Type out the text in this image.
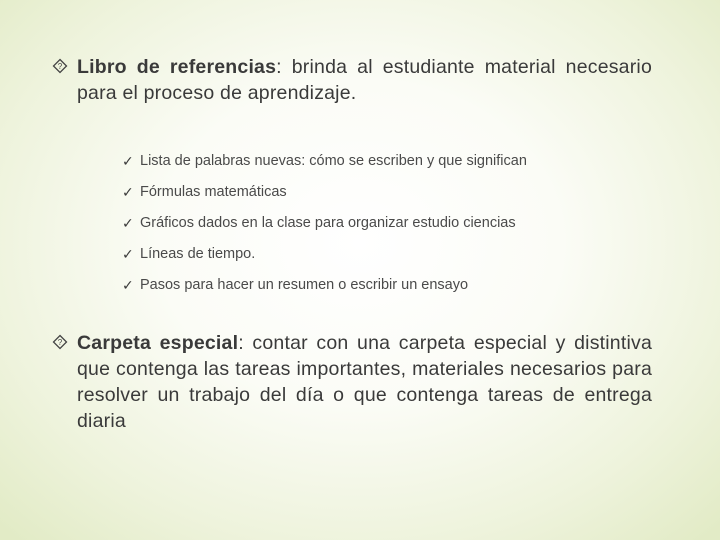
? Libro de referencias: brinda al estudiante material necesario para el proceso de aprendizaje.

✓ Lista de palabras nuevas: cómo se escriben y que significan
✓ Fórmulas matemáticas
✓ Gráficos dados en la clase para organizar estudio ciencias
✓ Líneas de tiempo.
✓ Pasos para hacer un resumen o escribir un ensayo
? Carpeta especial: contar con una carpeta especial y distintiva que contenga las tareas importantes, materiales necesarios para resolver un trabajo del día o que contenga tareas de entrega diaria
